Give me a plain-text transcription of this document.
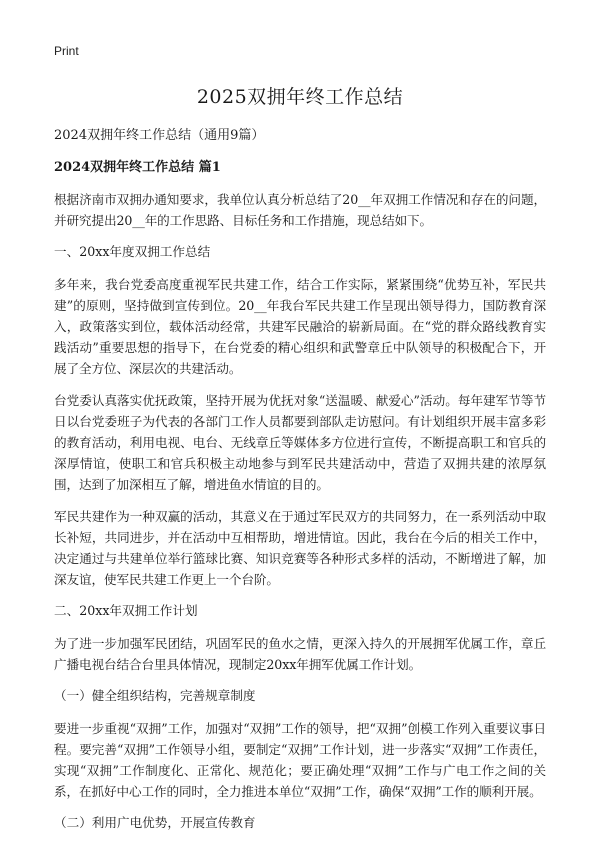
Print
2025双拥年终工作总结

2024双拥年终工作总结（通用9篇）

2024双拥年终工作总结 篇1

根据济南市双拥办通知要求，我单位认真分析总结了20__年双拥工作情况和存在的问题，并研究提出20__年的工作思路、目标任务和工作措施，现总结如下。

一、20xx年度双拥工作总结

多年来，我台党委高度重视军民共建工作，结合工作实际，紧紧围绕“优势互补，军民共建”的原则，坚持做到宣传到位。20__年我台军民共建工作呈现出领导得力，国防教育深入，政策落实到位，载体活动经常，共建军民融洽的崭新局面。在“党的群众路线教育实践活动”重要思想的指导下，在台党委的精心组织和武警章丘中队领导的积极配合下，开展了全方位、深层次的共建活动。

台党委认真落实优抚政策，坚持开展为优抚对象“送温暖、献爱心”活动。每年建军节等节日以台党委班子为代表的各部门工作人员都要到部队走访慰问。有计划组织开展丰富多彩的教育活动，利用电视、电台、无线章丘等媒体多方位进行宣传，不断提高职工和官兵的深厚情谊，使职工和官兵积极主动地参与到军民共建活动中，营造了双拥共建的浓厚氛围，达到了加深相互了解，增进鱼水情谊的目的。

军民共建作为一种双赢的活动，其意义在于通过军民双方的共同努力，在一系列活动中取长补短，共同进步，并在活动中互相帮助，增进情谊。因此，我台在今后的相关工作中，决定通过与共建单位举行篮球比赛、知识竞赛等各种形式多样的活动，不断增进了解，加深友谊，使军民共建工作更上一个台阶。

二、20xx年双拥工作计划

为了进一步加强军民团结，巩固军民的鱼水之情，更深入持久的开展拥军优属工作，章丘广播电视台结合台里具体情况，现制定20xx年拥军优属工作计划。

（一）健全组织结构，完善规章制度

要进一步重视“双拥”工作，加强对“双拥”工作的领导，把“双拥”创模工作列入重要议事日程。要完善“双拥”工作领导小组，要制定“双拥”工作计划，进一步落实“双拥”工作责任，实现“双拥”工作制度化、正常化、规范化；要正确处理“双拥”工作与广电工作之间的关系，在抓好中心工作的同时，全力推进本单位“双拥”工作，确保“双拥”工作的顺利开展。

（二）利用广电优势，开展宣传教育
